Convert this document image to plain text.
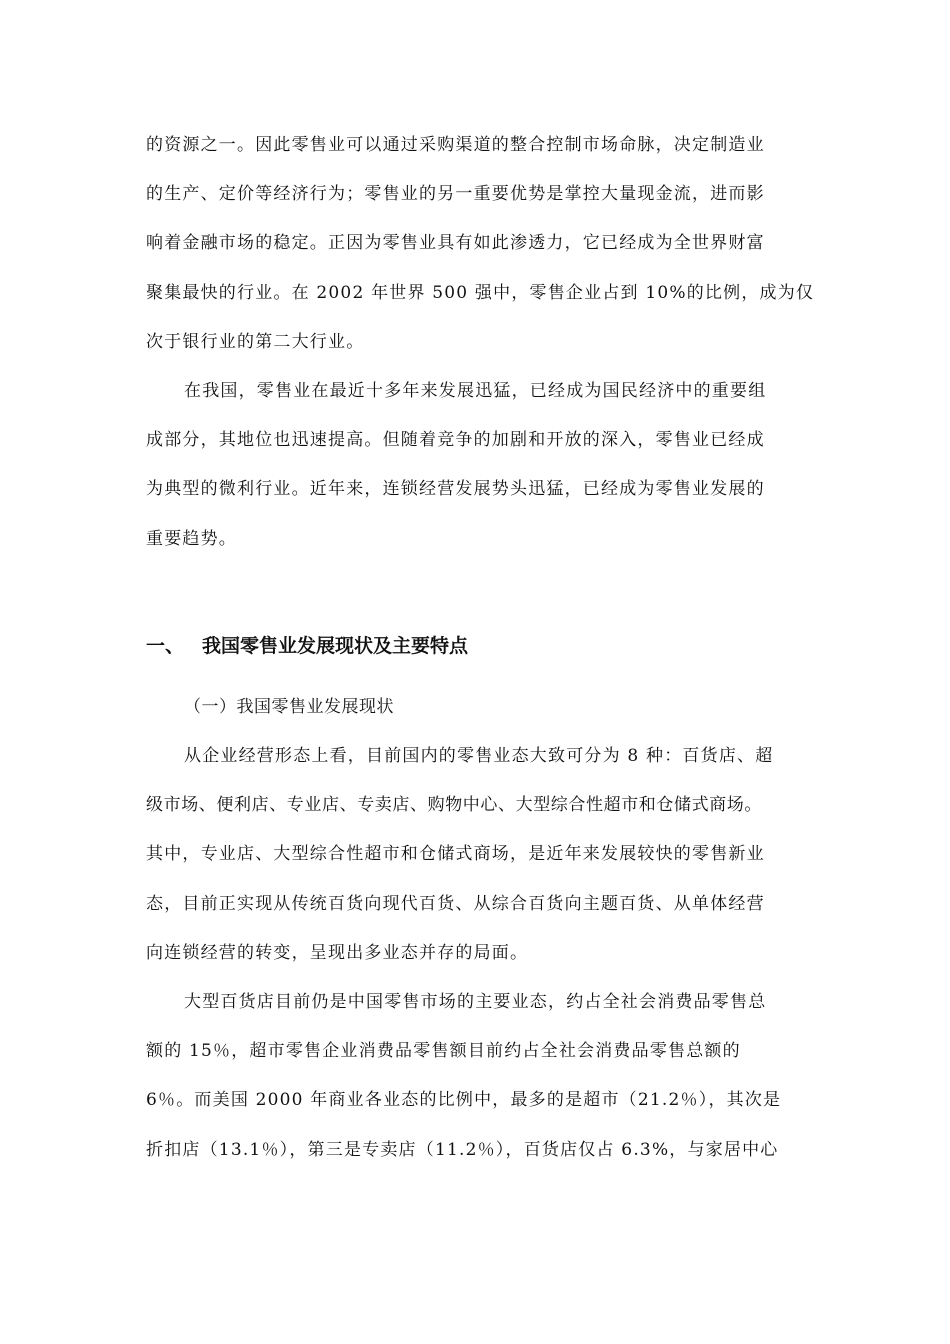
的资源之一。因此零售业可以通过采购渠道的整合控制市场命脉，决定制造业
的生产、定价等经济行为；零售业的另一重要优势是掌控大量现金流，进而影
响着金融市场的稳定。正因为零售业具有如此渗透力，它已经成为全世界财富
聚集最快的行业。在 2002 年世界 500 强中，零售企业占到 10%的比例，成为仅
次于银行业的第二大行业。
在我国，零售业在最近十多年来发展迅猛，已经成为国民经济中的重要组
成部分，其地位也迅速提高。但随着竞争的加剧和开放的深入，零售业已经成
为典型的微利行业。近年来，连锁经营发展势头迅猛，已经成为零售业发展的
重要趋势。
一、 我国零售业发展现状及主要特点
（一）我国零售业发展现状
从企业经营形态上看，目前国内的零售业态大致可分为 8 种：百货店、超
级市场、便利店、专业店、专卖店、购物中心、大型综合性超市和仓储式商场。
其中，专业店、大型综合性超市和仓储式商场，是近年来发展较快的零售新业
态，目前正实现从传统百货向现代百货、从综合百货向主题百货、从单体经营
向连锁经营的转变，呈现出多业态并存的局面。
大型百货店目前仍是中国零售市场的主要业态，约占全社会消费品零售总
额的 15％，超市零售企业消费品零售额目前约占全社会消费品零售总额的
6％。而美国 2000 年商业各业态的比例中，最多的是超市（21.2％），其次是
折扣店（13.1％），第三是专卖店（11.2％），百货店仅占 6.3%，与家居中心
